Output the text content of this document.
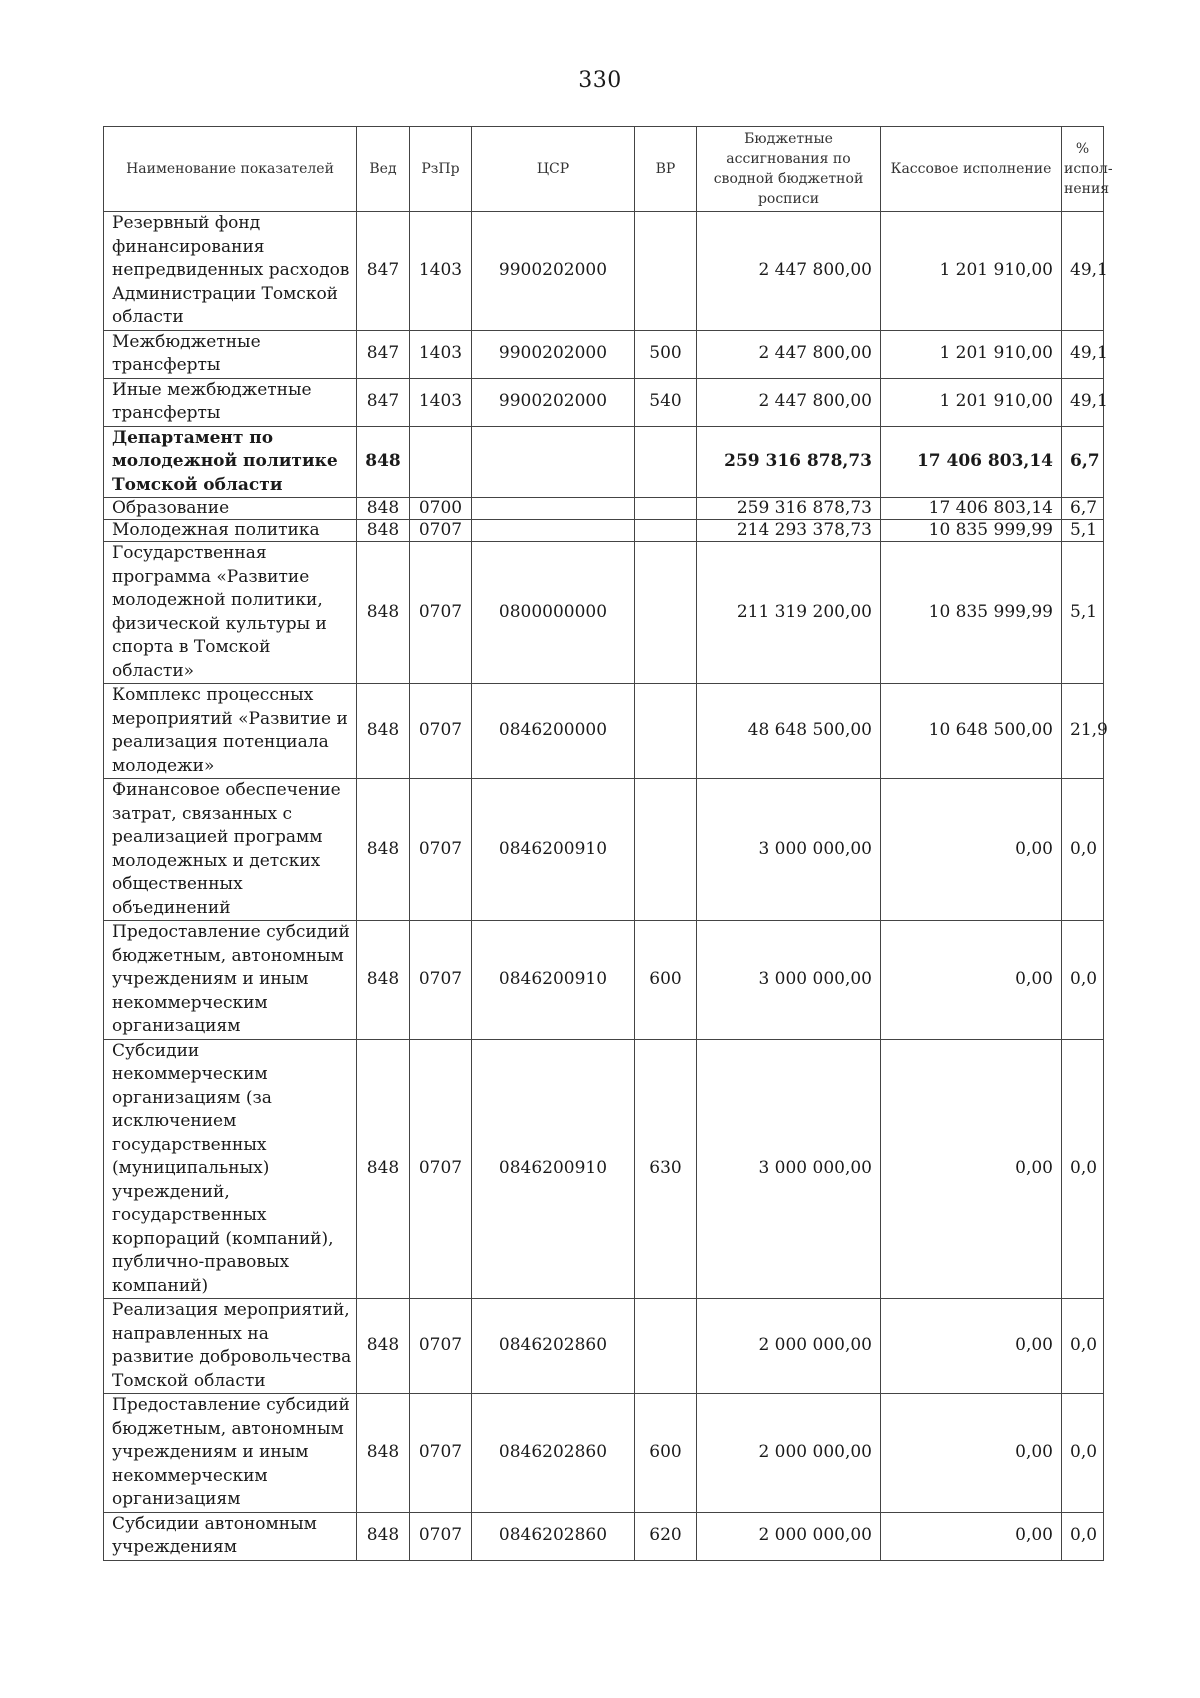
330
Наименование показателей	Вед	РзПр	ЦСР	ВР	Бюджетные ассигнования по сводной бюджетной росписи	Кассовое исполнение	% испол-нения
Резервный фонд финансирования непредвиденных расходов Администрации Томской области	847	1403	9900202000		2 447 800,00	1 201 910,00	49,1
Межбюджетные трансферты	847	1403	9900202000	500	2 447 800,00	1 201 910,00	49,1
Иные межбюджетные трансферты	847	1403	9900202000	540	2 447 800,00	1 201 910,00	49,1
Департамент по молодежной политике Томской области	848				259 316 878,73	17 406 803,14	6,7
Образование	848	0700			259 316 878,73	17 406 803,14	6,7
Молодежная политика	848	0707			214 293 378,73	10 835 999,99	5,1
Государственная программа «Развитие молодежной политики, физической культуры и спорта в Томской области»	848	0707	0800000000		211 319 200,00	10 835 999,99	5,1
Комплекс процессных мероприятий «Развитие и реализация потенциала молодежи»	848	0707	0846200000		48 648 500,00	10 648 500,00	21,9
Финансовое обеспечение затрат, связанных с реализацией программ молодежных и детских общественных объединений	848	0707	0846200910		3 000 000,00	0,00	0,0
Предоставление субсидий бюджетным, автономным учреждениям и иным некоммерческим организациям	848	0707	0846200910	600	3 000 000,00	0,00	0,0
Субсидии некоммерческим организациям (за исключением государственных (муниципальных) учреждений, государственных корпораций (компаний), публично-правовых компаний)	848	0707	0846200910	630	3 000 000,00	0,00	0,0
Реализация мероприятий, направленных на развитие добровольчества Томской области	848	0707	0846202860		2 000 000,00	0,00	0,0
Предоставление субсидий бюджетным, автономным учреждениям и иным некоммерческим организациям	848	0707	0846202860	600	2 000 000,00	0,00	0,0
Субсидии автономным учреждениям	848	0707	0846202860	620	2 000 000,00	0,00	0,0
